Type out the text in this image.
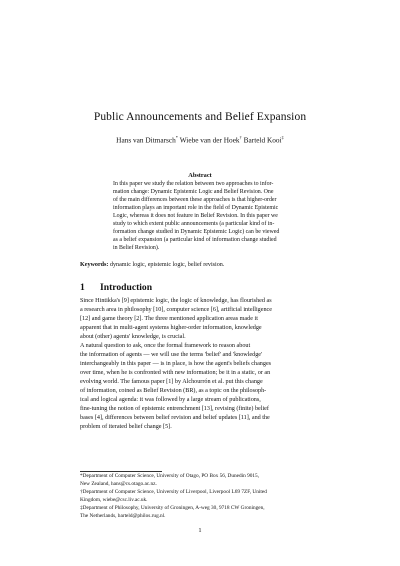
Public Announcements and Belief Expansion
Hans van Ditmarsch* Wiebe van der Hoek† Barteld Kooi‡
Abstract
In this paper we study the relation between two approaches to infor-
mation change: Dynamic Epistemic Logic and Belief Revision. One
of the main differences between these approaches is that higher-order
information plays an important role in the field of Dynamic Epistemic
Logic, whereas it does not feature in Belief Revision. In this paper we
study to which extent public announcements (a particular kind of in-
formation change studied in Dynamic Epistemic Logic) can be viewed
as a belief expansion (a particular kind of information change studied
in Belief Revision).
Keywords: dynamic logic, epistemic logic, belief revision.
1 Introduction
Since Hintikka's [9] epistemic logic, the logic of knowledge, has flourished as
a research area in philosophy [10], computer science [6], artificial intelligence
[12] and game theory [2]. The three mentioned application areas made it
apparent that in multi-agent systems higher-order information, knowledge
about (other) agents' knowledge, is crucial.
A natural question to ask, once the formal framework to reason about
the information of agents — we will use the terms 'belief' and 'knowledge'
interchangeably in this paper — is in place, is how the agent's beliefs changes
over time, when he is confronted with new information; be it in a static, or an
evolving world. The famous paper [1] by Alchourrón et al. put this change
of information, coined as Belief Revision (BR), as a topic on the philosoph-
ical and logical agenda: it was followed by a large stream of publications,
fine-tuning the notion of epistemic entrenchment [13], revising (finite) belief
bases [4], differences between belief revision and belief updates [11], and the
problem of iterated belief change [5].
*Department of Computer Science, University of Otago, PO Box 56, Dunedin 9015,
New Zealand, hans@cs.otago.ac.nz.
†Department of Computer Science, University of Liverpool, Liverpool L69 7ZF, United
Kingdom, wiebe@csc.liv.ac.uk.
‡Department of Philosophy, University of Groningen, A-weg 30, 9718 CW Groningen,
The Netherlands, barteld@philos.rug.nl.
1
